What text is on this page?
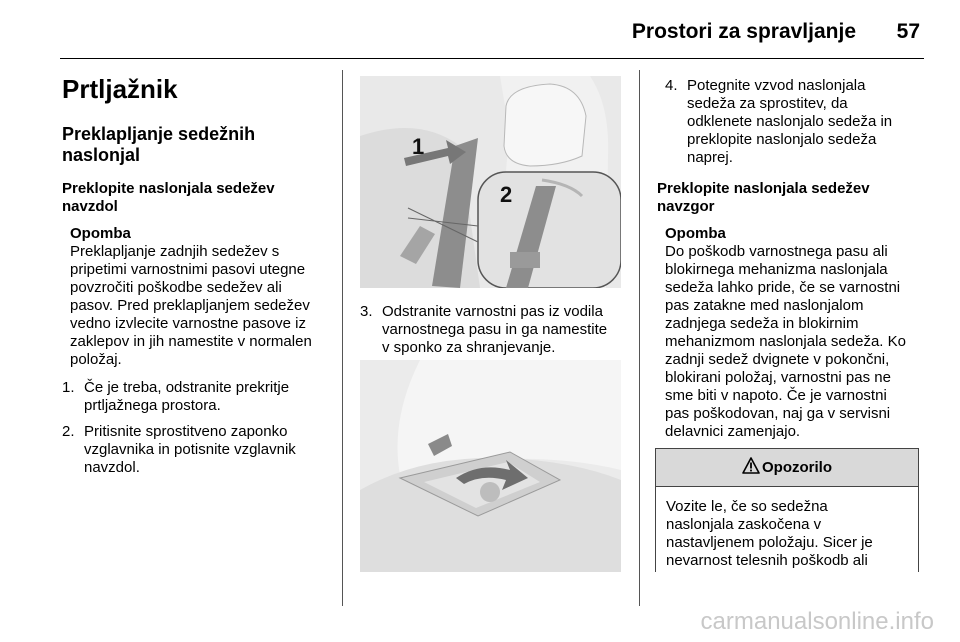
Prostori za spravljanje 57

Prtljažnik

Preklapljanje sedežnih

naslonjal

Preklopite naslonjala sedežev

navzdol

Opomba

Preklapljanje zadnjih sedežev s

pripetimi varnostnimi pasovi utegne

povzročiti poškodbe sedežev ali

pasov. Pred preklapljanjem sedežev

vedno izvlecite varnostne pasove iz

zaklepov in jih namestite v normalen

položaj.

1. Če je treba, odstranite prekritje

prtljažnega prostora.

2. Pritisnite sprostitveno zaponko

vzglavnika in potisnite vzglavnik

navzdol.

1
2
3. Odstranite varnostni pas iz vodila

varnostnega pasu in ga namestite

v sponko za shranjevanje.

4. Potegnite vzvod naslonjala

sedeža za sprostitev, da

odklenete naslonjalo sedeža in

preklopite naslonjalo sedeža

naprej.

Preklopite naslonjala sedežev

navzgor

Opomba

Do poškodb varnostnega pasu ali

blokirnega mehanizma naslonjala

sedeža lahko pride, če se varnostni

pas zatakne med naslonjalom

zadnjega sedeža in blokirnim

mehanizmom naslonjala sedeža. Ko

zadnji sedež dvignete v pokončni,

blokirani položaj, varnostni pas ne

sme biti v napoto. Če je varnostni

pas poškodovan, naj ga v servisni

delavnici zamenjajo.

Opozorilo

Vozite le, če so sedežna

naslonjala zaskočena v

nastavljenem položaju. Sicer je

nevarnost telesnih poškodb ali

carmanualsonline.info
